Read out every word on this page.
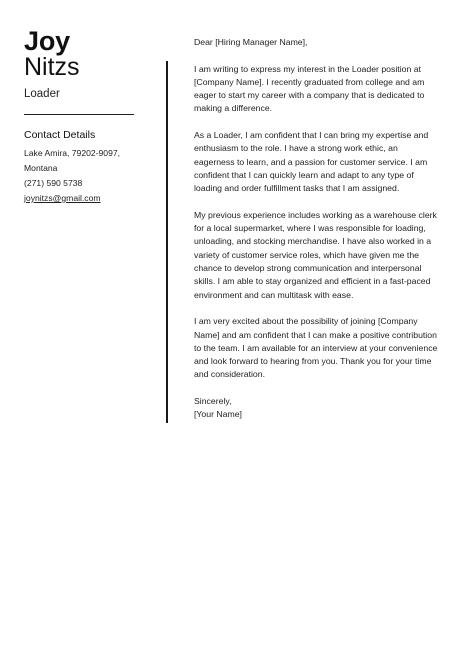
Joy
Nitzs
Loader
Contact Details
Lake Amira, 79202-9097,
Montana
(271) 590 5738
joynitzs@gmail.com

Dear [Hiring Manager Name],

I am writing to express my interest in the Loader position at [Company Name]. I recently graduated from college and am eager to start my career with a company that is dedicated to making a difference.

As a Loader, I am confident that I can bring my expertise and enthusiasm to the role. I have a strong work ethic, an eagerness to learn, and a passion for customer service. I am confident that I can quickly learn and adapt to any type of loading and order fulfillment tasks that I am assigned.

My previous experience includes working as a warehouse clerk for a local supermarket, where I was responsible for loading, unloading, and stocking merchandise. I have also worked in a variety of customer service roles, which have given me the chance to develop strong communication and interpersonal skills. I am able to stay organized and efficient in a fast-paced environment and can multitask with ease.

I am very excited about the possibility of joining [Company Name] and am confident that I can make a positive contribution to the team. I am available for an interview at your convenience and look forward to hearing from you. Thank you for your time and consideration.

Sincerely,
[Your Name]
